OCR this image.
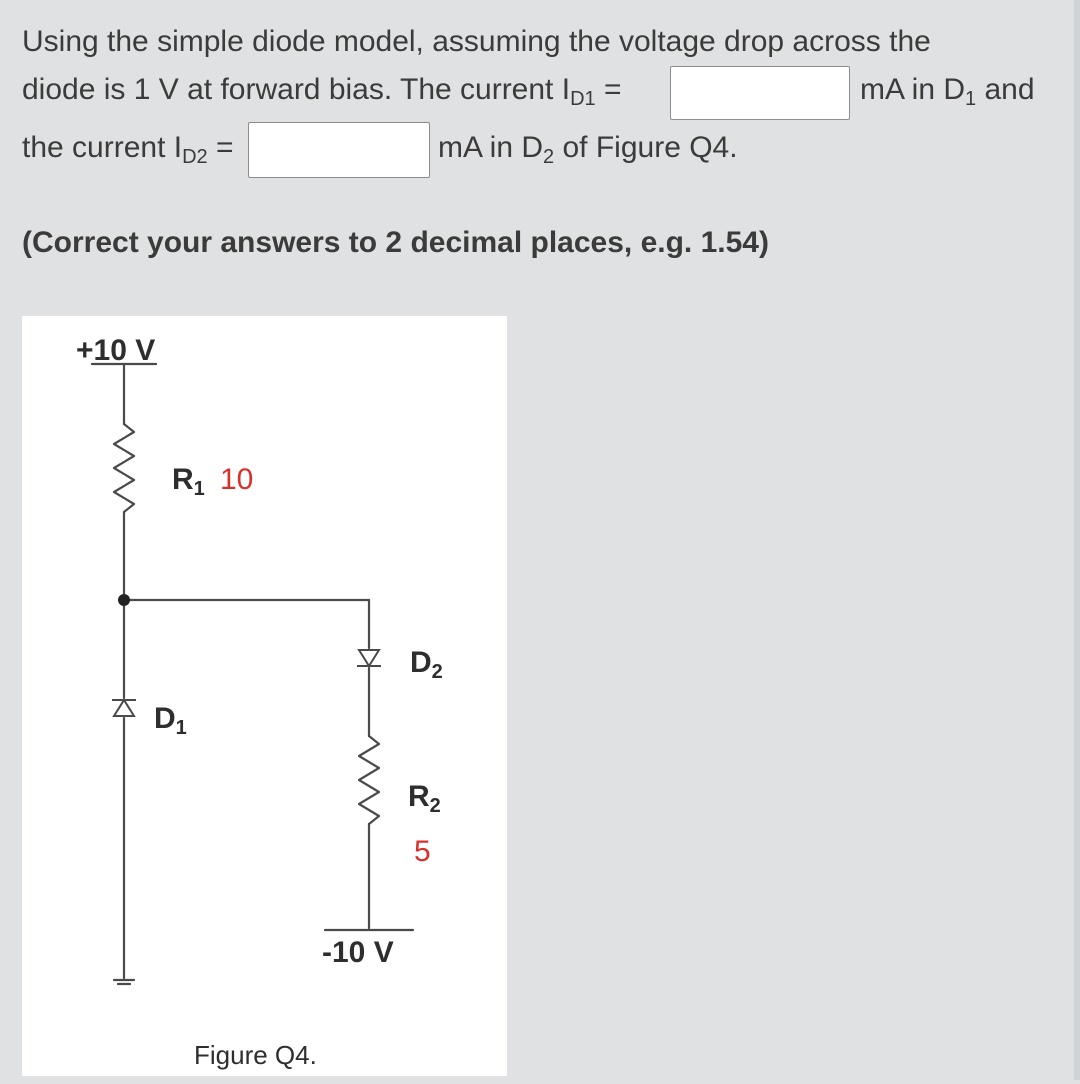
Using the simple diode model, assuming the voltage drop across the
diode is 1 V at forward bias. The current $I_{D1}$ =	mA in $D_1$ and
the current $I_{D2}$ =	mA in $D_2$ of Figure Q4.
(Correct your answers to 2 decimal places, e.g. 1.54)
+10 V
$R_1$ 10
$D_1$
$D_2$
$R_2$
5
-10 V
Figure Q4.
